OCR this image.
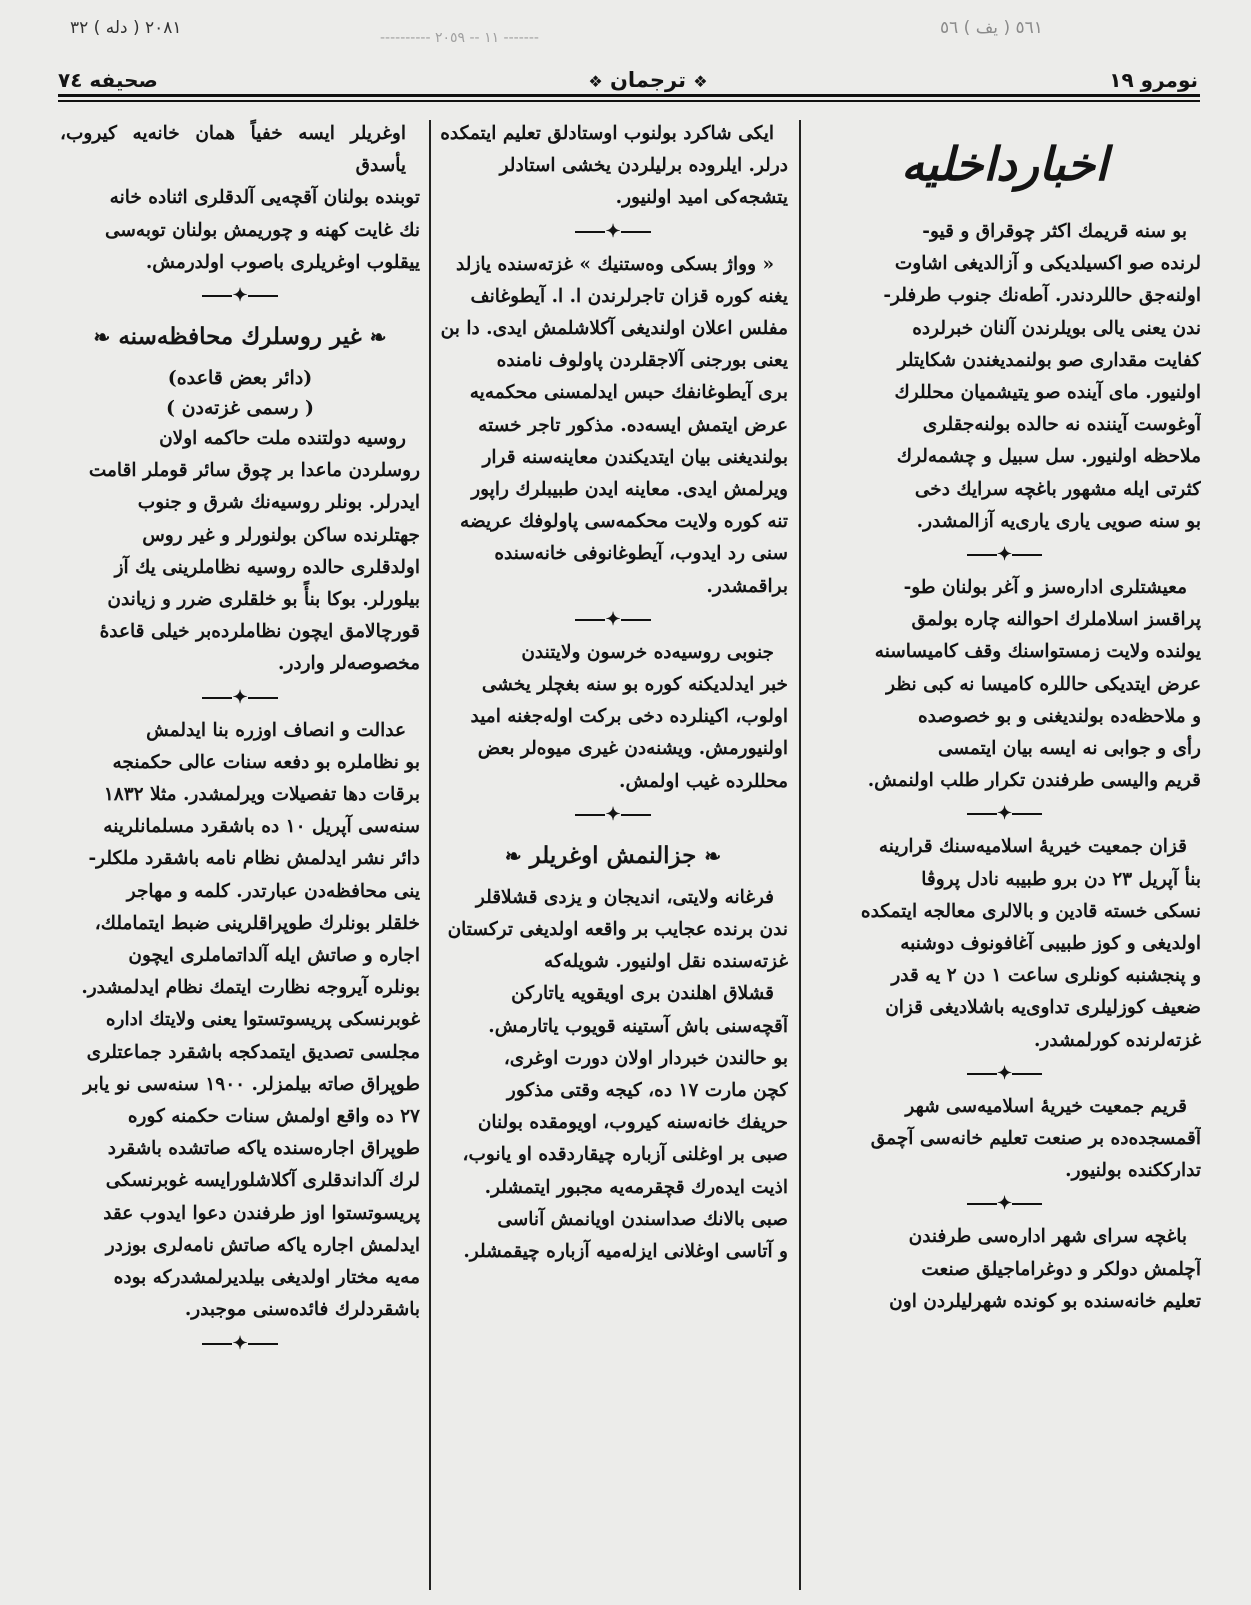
٢٠٨١ ( دله ) ٣٢	---------- ١١ -- ٢٠٥٩ -------	٥٦١ ( يف ) ٥٦
صحيفه ٧٤	❖ ترجمان ❖	نومرو ١٩
اخبارداخليه

بو سنه قريمك اكثر چوقراق و قيو-

لرنده صو اكسيلديكى و آزالديغى اشاوت

اولنه‌جق حاللردندر. آطه‌نك جنوب طرفلر-

ندن يعنى يالى بويلرندن آلنان خبرلرده

كفايت مقدارى صو بولنمديغندن شكايتلر

اولنيور. ماى آينده صو يتيشميان محللرك

آوغوست آيننده نه حالده بولنه‌جقلرى

ملاحظه اولنيور. سل سبيل و چشمه‌لرك

كثرتى ايله مشهور باغچه سرايك دخى

بو سنه صويى يارى يارى‌يه آزالمشدر.

✦

معيشتلرى اداره‌سز و آغر بولنان طو-

پراقسز اسلاملرك احوالنه چاره بولمق

يولنده ولايت زمستواسنك وقف كاميسا‌سنه

عرض ايتديكى حاللره كاميسا نه كبى نظر

و ملاحظه‌ده بولنديغنى و بو خصوصده

رأى و جوابى نه ايسه بيان ايتمسى

قريم واليسى طرفندن تكرار طلب اولنمش.

✦

قزان جمعيت خيريهٔ اسلاميه‌سنك قرارينه

بنأ آپريل ٢٣ دن برو طبيبه نادل پروڤا

نسكى خسته قادين و بالالرى معالجه ايتمكده

اولديغى و كوز طبيبى آغافونوف دوشنبه

و پنجشنبه كونلرى ساعت ١ دن ٢ يه قدر

ضعيف كوزليلرى تداوى‌يه باشلاديغى قزان

غزته‌لرنده كورلمشدر.

✦

قريم جمعيت خيريهٔ اسلاميه‌سى شهر

آقمسجده‌ده بر صنعت تعليم خانه‌سى آچمق

تدارككنده بولنيور.

✦

باغچه سراى شهر اداره‌سى طرفندن

آچلمش دولكر و دوغراماجيلق صنعت

تعليم خانه‌سنده بو كونده شهرليلردن اون

ايكى شاكرد بولنوب اوستادلق تعليم ايتمكده

درلر. ايلروده برليلردن يخشى استادلر

يتشجه‌كى اميد اولنيور.

✦

« وواژ بسكى وەستنيك » غزته‌سنده يازلد

يغنه كوره قزان تاجرلرندن ا. ا. آيطوغانف

مفلس اعلان اولنديغى آكلاشلمش ايدى. دا بن

يعنى بورجنى آلاجقلردن پاولوف نامنده

برى آيطوغانفك حبس ايدلمسنى محكمه‌يه

عرض ايتمش ايسه‌ده. مذكور تاجر خسته

بولنديغنى بيان ايتديكندن معاينه‌سنه قرار

ويرلمش ايدى. معاينه ايدن طبيبلرك راپور

تنه كوره ولايت محكمه‌سى پاولوفك عريضه

سنى رد ايدوب، آيطوغانوفى خانه‌سنده

براقمشدر.

✦

جنوبى روسيه‌ده خرسون ولايتندن

خبر ايدلديكنه كوره بو سنه بغچلر يخشى

اولوب، اكينلرده دخى بركت اوله‌جغنه اميد

اولنيورمش. ويشنه‌دن غيرى ميوه‌لر بعض

محللرده غيب اولمش.

✦
❧ جزالنمش اوغريلر ❧

فرغانه ولايتى، انديجان و يزدى قشلاقلر

ندن برنده عجايب بر واقعه اولديغى تركستان

غزته‌سنده نقل اولنيور. شويله‌كه

قشلاق اهلندن برى اويقويه ياتاركن

آقچه‌سنى باش آستينه قويوب ياتارمش.

بو حالندن خبردار اولان دورت اوغرى،

كچن مارت ١٧ ده، كيجه وقتى مذكور

حريفك خانه‌سنه كيروب، اويومقده بولنان

صبى بر اوغلنى آزباره چيقاردقده او يانوب،

اذيت ايده‌رك قچقرمه‌يه مجبور ايتمشلر.

صبى بالانك صداسندن اويانمش آناسى

و آتاسى اوغلانى ايزلەميه آزباره چيقمشلر.

اوغريلر ايسه خفياً همان خانه‌يه كيروب، يأسدق

توبنده بولنان آقچه‌يى آلدقلرى اثناده خانه

نك غايت كهنه و چوريمش بولنان توبه‌سى

ييقلوب اوغريلرى باصوب اولدرمش.

✦
❧ غير روسلرك محافظه‌سنه ❧
(دائر بعض قاعده)
( رسمى غزته‌دن )

روسيه دولتنده ملت حاكمه اولان

روسلردن ماعدا بر چوق سائر قوملر اقامت

ايدرلر. بونلر روسيه‌نك شرق و جنوب

جهتلرنده ساكن بولنورلر و غير روس

اولدقلرى حالده روسيه نظاملرينى يك آز

بيلورلر. بوكا بنأً بو خلقلرى ضرر و زياندن

قورچالامق ايچون نظاملرده‌بر خيلى قاعدهٔ

مخصوصه‌لر واردر.

✦

عدالت و انصاف اوزره بنا ايدلمش

بو نظاملره بو دفعه سنات عالى حكمنجه

برقات دها تفصيلات ويرلمشدر. مثلا ١٨٣٢

سنه‌سى آپريل ١٠ ده باشقرد مسلمانلرينه

دائر نشر ايدلمش نظام نامه باشقرد ملكلر-

ينى محافظه‌دن عبارتدر. كلمه و مهاجر

خلقلر بونلرك طوپراقلرينى ضبط ايتماملك،

اجاره و صاتش ايله آلداتماملرى ايچون

بونلره آيروجه نظارت ايتمك نظام ايدلمشدر.

غوبرنسكى پريسوتستوا يعنى ولايتك اداره

مجلسى تصديق ايتمدكجه باشقرد جماعتلرى

طوپراق صاته بيلمزلر. ١٩٠٠ سنه‌سى نو يابر

٢٧ ده واقع اولمش سنات حكمنه كوره

طوپراق اجاره‌سنده ياكه صاتشده باشقرد

لرك آلداندقلرى آكلاشلورايسه غوبرنسكى

پريسوتستوا اوز طرفندن دعوا ايدوب عقد

ايدلمش اجاره ياكه صاتش نامه‌لرى بوزدر

مه‌يه مختار اولديغى بيلديرلمشدركه بوده

باشقردلرك فائده‌سنى موجبدر.

✦
